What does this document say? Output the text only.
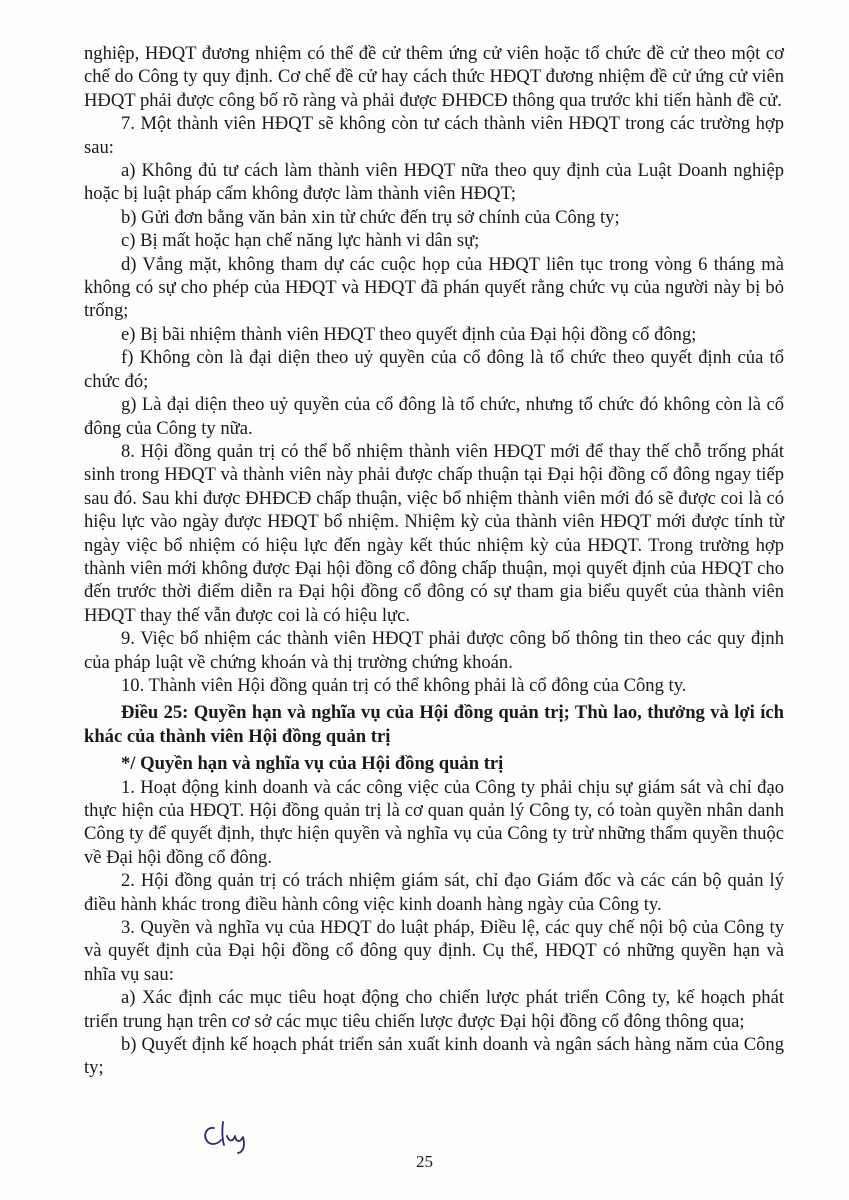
nghiệp, HĐQT đương nhiệm có thể đề cử thêm ứng cử viên hoặc tổ chức đề cử theo một cơ chế do Công ty quy định. Cơ chế đề cử hay cách thức HĐQT đương nhiệm đề cử ứng cử viên HĐQT phải được công bố rõ ràng và phải được ĐHĐCĐ thông qua trước khi tiến hành đề cử.

7. Một thành viên HĐQT sẽ không còn tư cách thành viên HĐQT trong các trường hợp sau:

a) Không đủ tư cách làm thành viên HĐQT nữa theo quy định của Luật Doanh nghiệp hoặc bị luật pháp cấm không được làm thành viên HĐQT;

b) Gửi đơn bằng văn bản xin từ chức đến trụ sở chính của Công ty;

c) Bị mất hoặc hạn chế năng lực hành vi dân sự;

d) Vắng mặt, không tham dự các cuộc họp của HĐQT liên tục trong vòng 6 tháng mà không có sự cho phép của HĐQT và HĐQT đã phán quyết rằng chức vụ của người này bị bỏ trống;

e) Bị bãi nhiệm thành viên HĐQT theo quyết định của Đại hội đồng cổ đông;

f) Không còn là đại diện theo uỷ quyền của cổ đông là tổ chức theo quyết định của tổ chức đó;

g) Là đại diện theo uỷ quyền của cổ đông là tổ chức, nhưng tổ chức đó không còn là cổ đông của Công ty nữa.

8. Hội đồng quản trị có thể bổ nhiệm thành viên HĐQT mới để thay thế chỗ trống phát sinh trong HĐQT và thành viên này phải được chấp thuận tại Đại hội đồng cổ đông ngay tiếp sau đó. Sau khi được ĐHĐCĐ chấp thuận, việc bổ nhiệm thành viên mới đó sẽ được coi là có hiệu lực vào ngày được HĐQT bổ nhiệm. Nhiệm kỳ của thành viên HĐQT mới được tính từ ngày việc bổ nhiệm có hiệu lực đến ngày kết thúc nhiệm kỳ của HĐQT. Trong trường hợp thành viên mới không được Đại hội đồng cổ đông chấp thuận, mọi quyết định của HĐQT cho đến trước thời điểm diễn ra Đại hội đồng cổ đông có sự tham gia biểu quyết của thành viên HĐQT thay thế vẫn được coi là có hiệu lực.

9. Việc bổ nhiệm các thành viên HĐQT phải được công bố thông tin theo các quy định của pháp luật về chứng khoán và thị trường chứng khoán.

10. Thành viên Hội đồng quản trị có thể không phải là cổ đông của Công ty.

Điều 25: Quyền hạn và nghĩa vụ của Hội đồng quản trị; Thù lao, thưởng và lợi ích khác của thành viên Hội đồng quản trị

*/ Quyền hạn và nghĩa vụ của Hội đồng quản trị

1. Hoạt động kinh doanh và các công việc của Công ty phải chịu sự giám sát và chỉ đạo thực hiện của HĐQT. Hội đồng quản trị là cơ quan quản lý Công ty, có toàn quyền nhân danh Công ty để quyết định, thực hiện quyền và nghĩa vụ của Công ty trừ những thẩm quyền thuộc về Đại hội đồng cổ đông.

2. Hội đồng quản trị có trách nhiệm giám sát, chỉ đạo Giám đốc và các cán bộ quản lý điều hành khác trong điều hành công việc kinh doanh hàng ngày của Công ty.

3. Quyền và nghĩa vụ của HĐQT do luật pháp, Điều lệ, các quy chế nội bộ của Công ty và quyết định của Đại hội đồng cổ đông quy định. Cụ thể, HĐQT có những quyền hạn và nhĩa vụ sau:

a) Xác định các mục tiêu hoạt động cho chiến lược phát triển Công ty, kế hoạch phát triển trung hạn trên cơ sở các mục tiêu chiến lược được Đại hội đồng cổ đông thông qua;

b) Quyết định kế hoạch phát triển sản xuất kinh doanh và ngân sách hàng năm của Công ty;

25
